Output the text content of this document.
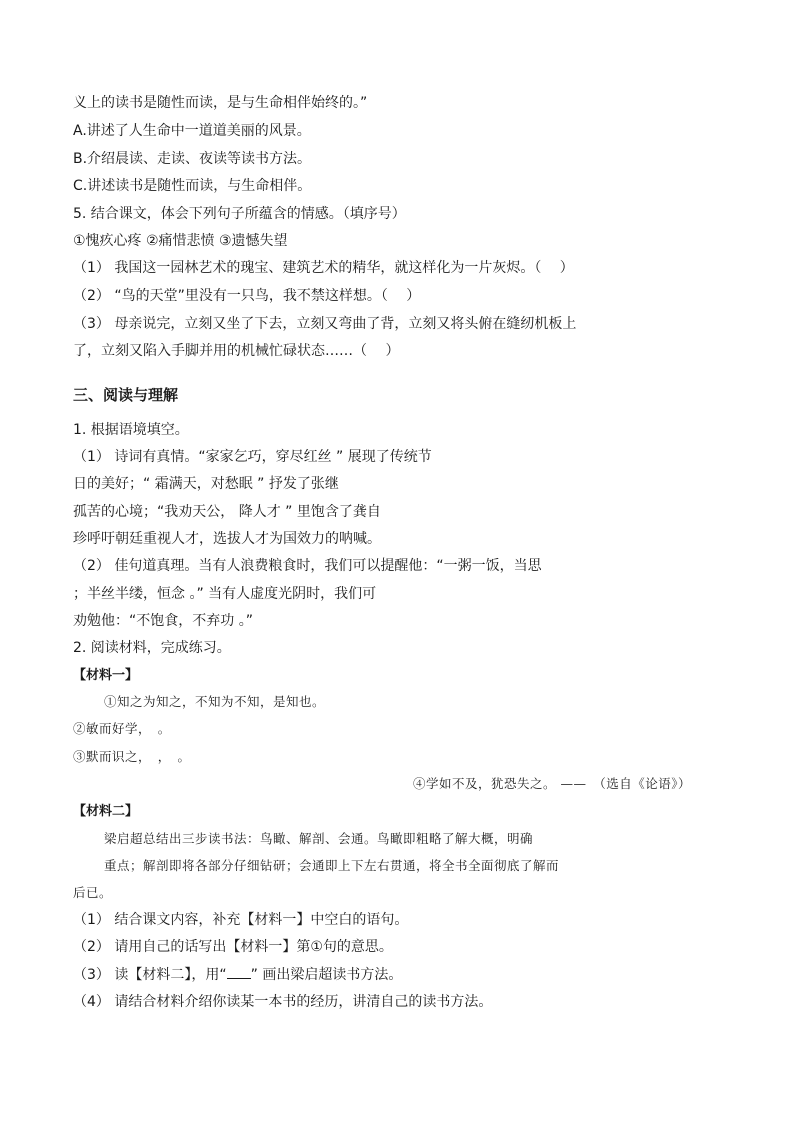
义上的读书是随性而读，是与生命相伴始终的。”
A.讲述了人生命中一道道美丽的风景。
B.介绍晨读、走读、夜读等读书方法。
C.讲述读书是随性而读，与生命相伴。
5. 结合课文，体会下列句子所蕴含的情感。（填序号）
①愧疚心疼 ②痛惜悲愤 ③遗憾失望
（1） 我国这一园林艺术的瑰宝、建筑艺术的精华，就这样化为一片灰烬。（　 ）
（2） “鸟的天堂”里没有一只鸟，我不禁这样想。（　 ）
（3） 母亲说完，立刻又坐了下去，立刻又弯曲了背，立刻又将头俯在缝纫机板上
了，立刻又陷入手脚并用的机械忙碌状态……（　 ）
三、阅读与理解
1. 根据语境填空。
（1） 诗词有真情。“家家乞巧，穿尽红丝 ” 展现了传统节
日的美好；“ 霜满天，对愁眠 ” 抒发了张继
孤苦的心境；“我劝天公， 降人才 ” 里饱含了龚自
珍呼吁朝廷重视人才，选拔人才为国效力的呐喊。
（2） 佳句道真理。当有人浪费粮食时，我们可以提醒他：“一粥一饭，当思
；半丝半缕，恒念 。” 当有人虚度光阴时，我们可
劝勉他：“不饱食，不弃功 。”
2. 阅读材料，完成练习。
【材料一】
①知之为知之，不知为不知，是知也。
②敏而好学，　。
③默而识之，　，　。
④学如不及，犹恐失之。 ——　（选自《论语》）
【材料二】
梁启超总结出三步读书法：鸟瞰、解剖、会通。鸟瞰即粗略了解大概，明确
重点；解剖即将各部分仔细钻研；会通即上下左右贯通，将全书全面彻底了解而
后已。
（1） 结合课文内容，补充【材料一】中空白的语句。
（2） 请用自己的话写出【材料一】第①句的意思。
（3） 读【材料二】，用“ ” 画出梁启超读书方法。
（4） 请结合材料介绍你读某一本书的经历，讲清自己的读书方法。
